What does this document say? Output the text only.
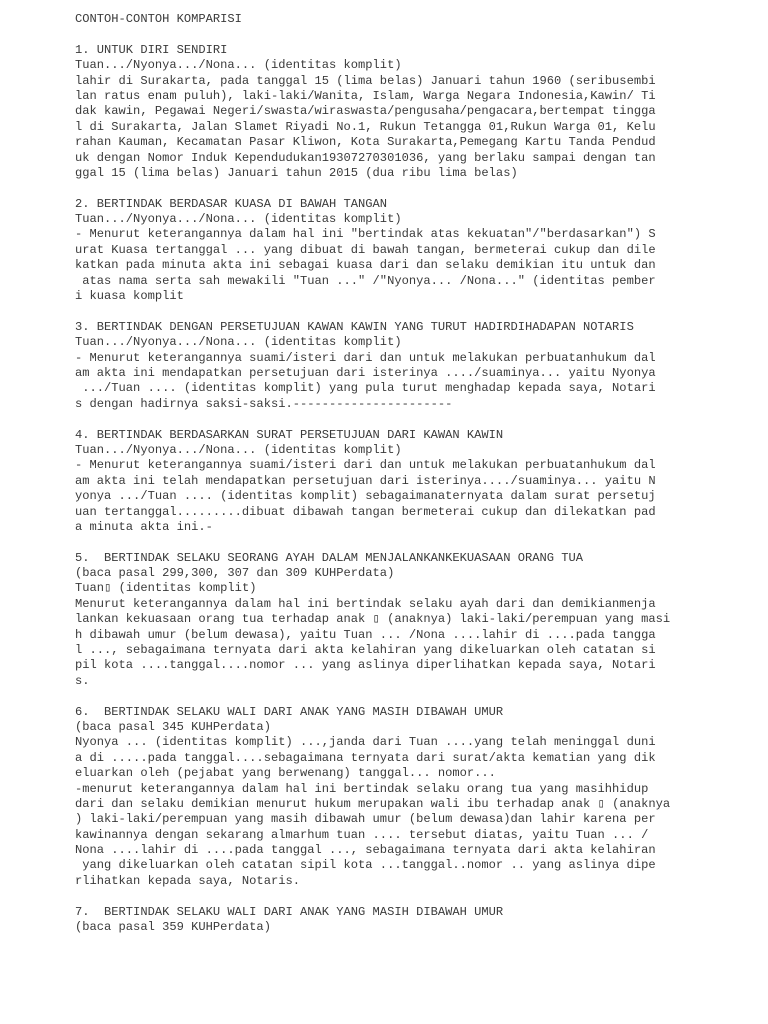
CONTOH-CONTOH KOMPARISI
1. UNTUK DIRI SENDIRI
Tuan.../Nyonya.../Nona... (identitas komplit)
lahir di Surakarta, pada tanggal 15 (lima belas) Januari tahun 1960 (seribusembi
lan ratus enam puluh), laki-laki/Wanita, Islam, Warga Negara Indonesia,Kawin/ Ti
dak kawin, Pegawai Negeri/swasta/wiraswasta/pengusaha/pengacara,bertempat tingga
l di Surakarta, Jalan Slamet Riyadi No.1, Rukun Tetangga 01,Rukun Warga 01, Kelu
rahan Kauman, Kecamatan Pasar Kliwon, Kota Surakarta,Pemegang Kartu Tanda Pendud
uk dengan Nomor Induk Kependudukan19307270301036, yang berlaku sampai dengan tan
ggal 15 (lima belas) Januari tahun 2015 (dua ribu lima belas)
2. BERTINDAK BERDASAR KUASA DI BAWAH TANGAN
Tuan.../Nyonya.../Nona... (identitas komplit)
- Menurut keterangannya dalam hal ini "bertindak atas kekuatan"/"berdasarkan") S
urat Kuasa tertanggal ... yang dibuat di bawah tangan, bermeterai cukup dan dile
katkan pada minuta akta ini sebagai kuasa dari dan selaku demikian itu untuk dan
atas nama serta sah mewakili "Tuan ..." /"Nyonya... /Nona..." (identitas pember
i kuasa komplit
3. BERTINDAK DENGAN PERSETUJUAN KAWAN KAWIN YANG TURUT HADIRDIHADAPAN NOTARIS
Tuan.../Nyonya.../Nona... (identitas komplit)
- Menurut keterangannya suami/isteri dari dan untuk melakukan perbuatanhukum dal
am akta ini mendapatkan persetujuan dari isterinya ..../suaminya... yaitu Nyonya
.../Tuan .... (identitas komplit) yang pula turut menghadap kepada saya, Notari
s dengan hadirnya saksi-saksi.----------------------
4. BERTINDAK BERDASARKAN SURAT PERSETUJUAN DARI KAWAN KAWIN
Tuan.../Nyonya.../Nona... (identitas komplit)
- Menurut keterangannya suami/isteri dari dan untuk melakukan perbuatanhukum dal
am akta ini telah mendapatkan persetujuan dari isterinya..../suaminya... yaitu N
yonya .../Tuan .... (identitas komplit) sebagaimanaternyata dalam surat persetuj
uan tertanggal.........dibuat dibawah tangan bermeterai cukup dan dilekatkan pad
a minuta akta ini.-
5.  BERTINDAK SELAKU SEORANG AYAH DALAM MENJALANKANKEKUASAAN ORANG TUA
(baca pasal 299,300, 307 dan 309 KUHPerdata)
Tuan▯ (identitas komplit)
Menurut keterangannya dalam hal ini bertindak selaku ayah dari dan demikianmenja
lankan kekuasaan orang tua terhadap anak ▯ (anaknya) laki-laki/perempuan yang masi
h dibawah umur (belum dewasa), yaitu Tuan ... /Nona ....lahir di ....pada tangga
l ..., sebagaimana ternyata dari akta kelahiran yang dikeluarkan oleh catatan si
pil kota ....tanggal....nomor ... yang aslinya diperlihatkan kepada saya, Notari
s.
6.  BERTINDAK SELAKU WALI DARI ANAK YANG MASIH DIBAWAH UMUR
(baca pasal 345 KUHPerdata)
Nyonya ... (identitas komplit) ...,janda dari Tuan ....yang telah meninggal duni
a di .....pada tanggal....sebagaimana ternyata dari surat/akta kematian yang dik
eluarkan oleh (pejabat yang berwenang) tanggal... nomor...
-menurut keterangannya dalam hal ini bertindak selaku orang tua yang masihhidup
dari dan selaku demikian menurut hukum merupakan wali ibu terhadap anak ▯ (anaknya
) laki-laki/perempuan yang masih dibawah umur (belum dewasa)dan lahir karena per
kawinannya dengan sekarang almarhum tuan .... tersebut diatas, yaitu Tuan ... /
Nona ....lahir di ....pada tanggal ..., sebagaimana ternyata dari akta kelahiran
yang dikeluarkan oleh catatan sipil kota ...tanggal..nomor .. yang aslinya dipe
rlihatkan kepada saya, Notaris.
7.  BERTINDAK SELAKU WALI DARI ANAK YANG MASIH DIBAWAH UMUR
(baca pasal 359 KUHPerdata)
